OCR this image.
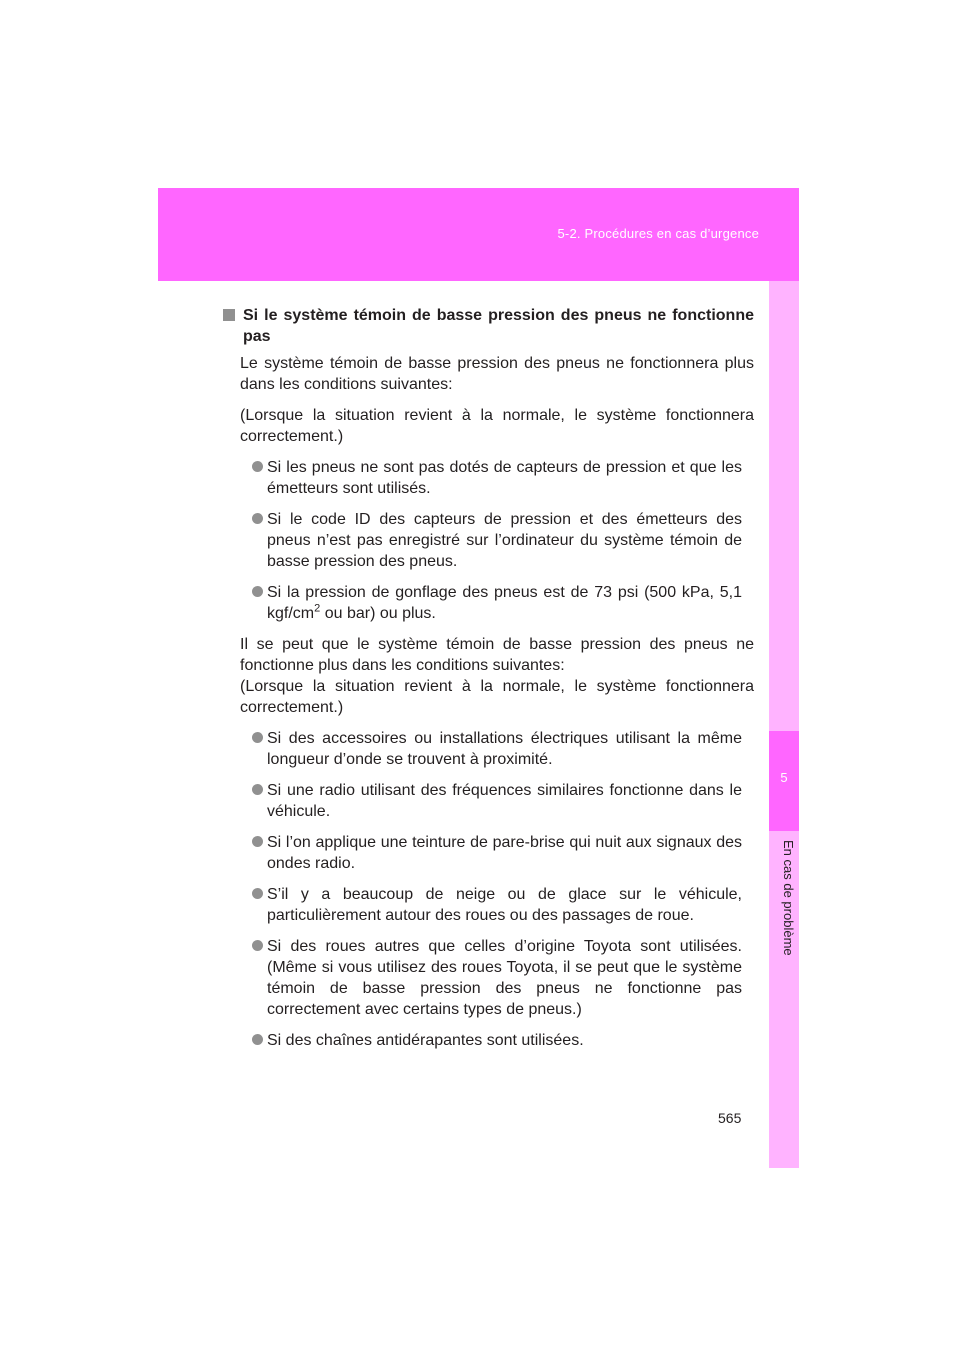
5-2. Procédures en cas d’urgence
5
En cas de problème
Si le système témoin de basse pression des pneus ne fonctionne pas

Le système témoin de basse pression des pneus ne fonctionnera plus dans les conditions suivantes:

(Lorsque la situation revient à la normale, le système fonctionnera correctement.)

Si les pneus ne sont pas dotés de capteurs de pression et que les émetteurs sont utilisés.
Si le code ID des capteurs de pression et des émetteurs des pneus n’est pas enregistré sur l’ordinateur du système témoin de basse pression des pneus.
Si la pression de gonflage des pneus est de 73 psi (500 kPa, 5,1 kgf/$cm^2$ ou bar) ou plus.

Il se peut que le système témoin de basse pression des pneus ne fonctionne plus dans les conditions suivantes:

(Lorsque la situation revient à la normale, le système fonctionnera correctement.)

Si des accessoires ou installations électriques utilisant la même longueur d’onde se trouvent à proximité.
Si une radio utilisant des fréquences similaires fonctionne dans le véhicule.
Si l’on applique une teinture de pare-brise qui nuit aux signaux des ondes radio.
S’il y a beaucoup de neige ou de glace sur le véhicule, particulièrement autour des roues ou des passages de roue.
Si des roues autres que celles d’origine Toyota sont utilisées. (Même si vous utilisez des roues Toyota, il se peut que le système témoin de basse pression des pneus ne fonctionne pas correctement avec certains types de pneus.)
Si des chaînes antidérapantes sont utilisées.
565
